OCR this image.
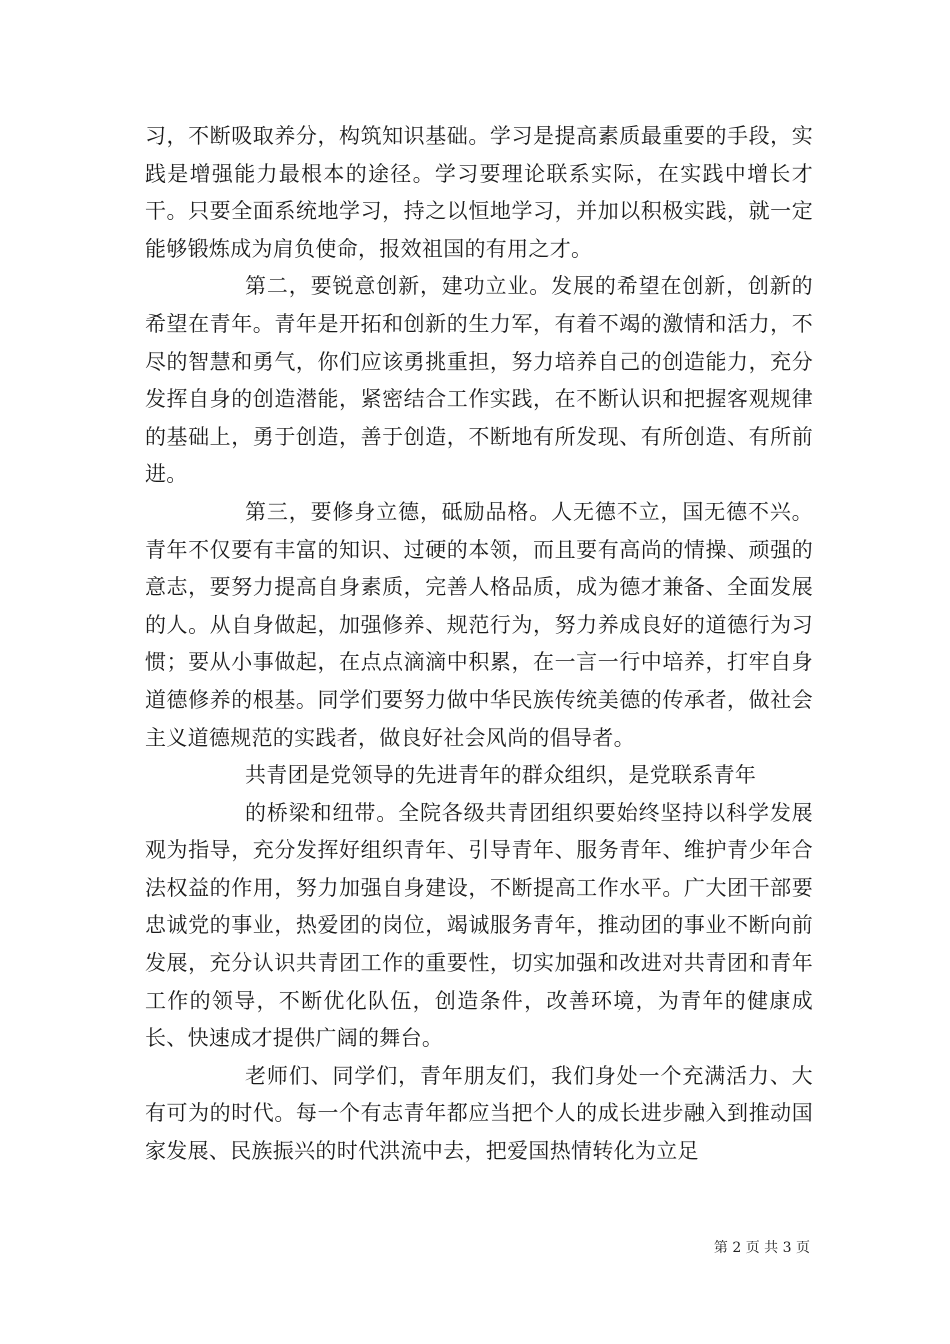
习，不断吸取养分，构筑知识基础。学习是提高素质最重要的手段，实践是增强能力最根本的途径。学习要理论联系实际，在实践中增长才干。只要全面系统地学习，持之以恒地学习，并加以积极实践，就一定能够锻炼成为肩负使命，报效祖国的有用之才。

第二，要锐意创新，建功立业。发展的希望在创新，创新的希望在青年。青年是开拓和创新的生力军，有着不竭的激情和活力，不尽的智慧和勇气，你们应该勇挑重担，努力培养自己的创造能力，充分发挥自身的创造潜能，紧密结合工作实践，在不断认识和把握客观规律的基础上，勇于创造，善于创造，不断地有所发现、有所创造、有所前进。

第三，要修身立德，砥励品格。人无德不立，国无德不兴。青年不仅要有丰富的知识、过硬的本领，而且要有高尚的情操、顽强的意志，要努力提高自身素质，完善人格品质，成为德才兼备、全面发展的人。从自身做起，加强修养、规范行为，努力养成良好的道德行为习惯；要从小事做起，在点点滴滴中积累，在一言一行中培养，打牢自身道德修养的根基。同学们要努力做中华民族传统美德的传承者，做社会主义道德规范的实践者，做良好社会风尚的倡导者。

共青团是党领导的先进青年的群众组织，是党联系青年

的桥梁和纽带。全院各级共青团组织要始终坚持以科学发展观为指导，充分发挥好组织青年、引导青年、服务青年、维护青少年合法权益的作用，努力加强自身建设，不断提高工作水平。广大团干部要忠诚党的事业，热爱团的岗位，竭诚服务青年，推动团的事业不断向前发展，充分认识共青团工作的重要性，切实加强和改进对共青团和青年工作的领导，不断优化队伍，创造条件，改善环境，为青年的健康成长、快速成才提供广阔的舞台。

老师们、同学们，青年朋友们，我们身处一个充满活力、大有可为的时代。每一个有志青年都应当把个人的成长进步融入到推动国家发展、民族振兴的时代洪流中去，把爱国热情转化为立足

第 2 页 共 3 页
